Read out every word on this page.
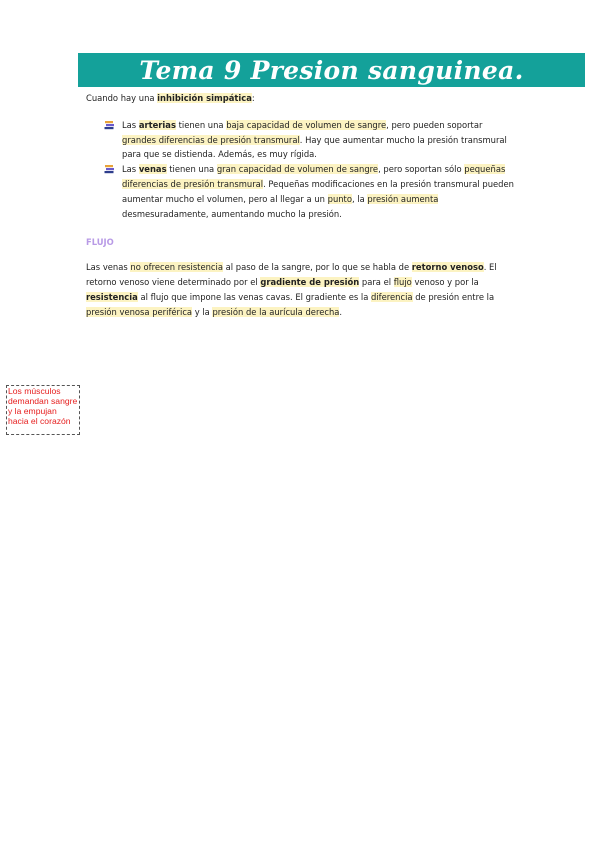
Tema 9 Presion sanguinea.

Cuando hay una inhibición simpática:

Las arterias tienen una baja capacidad de volumen de sangre, pero pueden soportar grandes diferencias de presión transmural. Hay que aumentar mucho la presión transmural para que se distienda. Además, es muy rígida.
Las venas tienen una gran capacidad de volumen de sangre, pero soportan sólo pequeñas diferencias de presión transmural. Pequeñas modificaciones en la presión transmural pueden aumentar mucho el volumen, pero al llegar a un punto, la presión aumenta desmesuradamente, aumentando mucho la presión.
FLUJO

Las venas no ofrecen resistencia al paso de la sangre, por lo que se habla de retorno venoso. El retorno venoso viene determinado por el gradiente de presión para el flujo venoso y por la resistencia al flujo que impone las venas cavas. El gradiente es la diferencia de presión entre la presión venosa periférica y la presión de la aurícula derecha.

Los músculos demandan sangre y la empujan hacia el corazón
